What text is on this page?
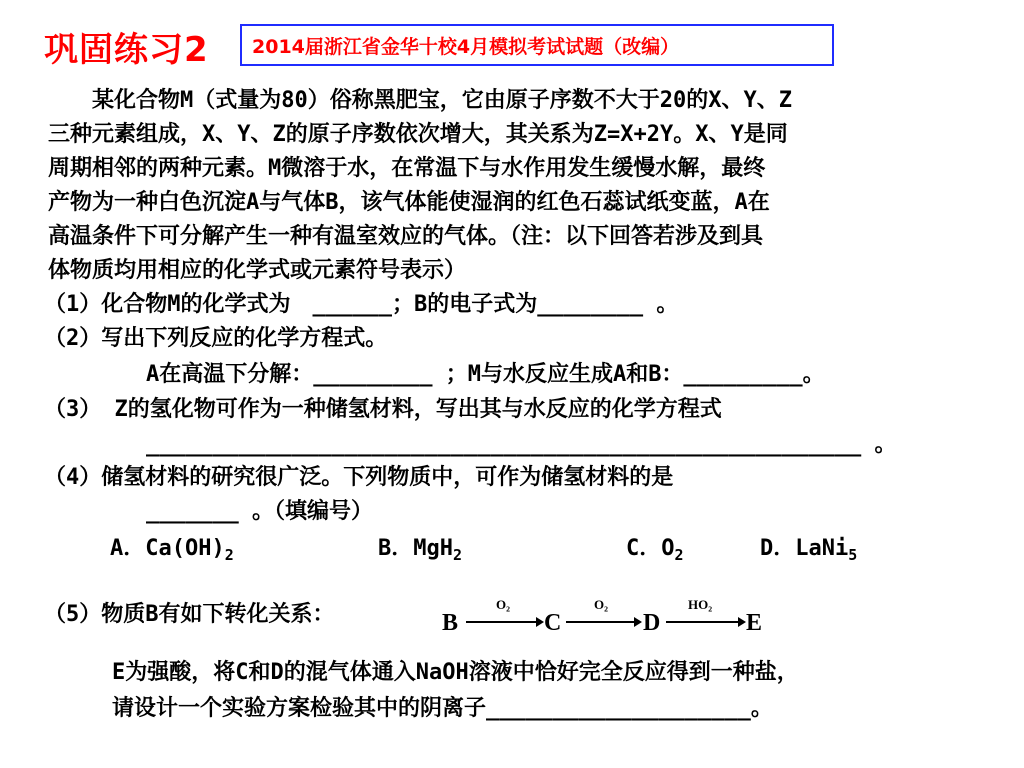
巩固练习2	2014届浙江省金华十校4月模拟考试试题（改编）
　　某化合物M（式量为80）俗称黑肥宝，它由原子序数不大于20的X、Y、Z
三种元素组成，X、Y、Z的原子序数依次增大，其关系为Z=X+2Y。X、Y是同
周期相邻的两种元素。M微溶于水，在常温下与水作用发生缓慢水解，最终
产物为一种白色沉淀A与气体B，该气体能使湿润的红色石蕊试纸变蓝，A在
高温条件下可分解产生一种有温室效应的气体。（注：以下回答若涉及到具
体物质均用相应的化学式或元素符号表示）
（1）化合物M的化学式为　______；B的电子式为________ 。
（2）写出下列反应的化学方程式。
A在高温下分解：_________ ；M与水反应生成A和B：_________。
（3） Z的氢化物可作为一种储氢材料，写出其与水反应的化学方程式
______________________________________________________ 。
（4）储氢材料的研究很广泛。下列物质中，可作为储氢材料的是
_______ 。（填编号）
A．$Ca(OH)_2$	B．MgH$_2$	C．$O_2$	D．LaNi$_5$
（5）物质B有如下转化关系：	B	C	D	E
O₂	O₂	HO₂
E为强酸，将C和D的混气体通入NaOH溶液中恰好完全反应得到一种盐，
请设计一个实验方案检验其中的阴离子____________________。
